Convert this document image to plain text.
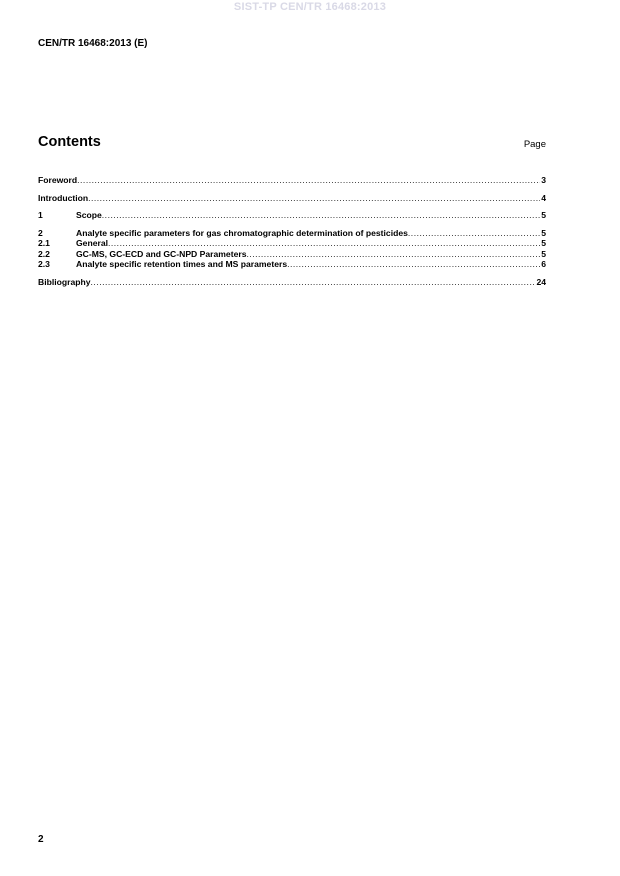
SIST-TP CEN/TR 16468:2013
CEN/TR 16468:2013 (E)
Contents	Page
Foreword .....	3
Introduction .....	4
1	Scope .....	5
2	Analyte specific parameters for gas chromatographic determination of pesticides .....	5
2.1	General .....	5
2.2	GC-MS, GC-ECD and GC-NPD Parameters .....	5
2.3	Analyte specific retention times and MS parameters .....	6
Bibliography .....	24
2
